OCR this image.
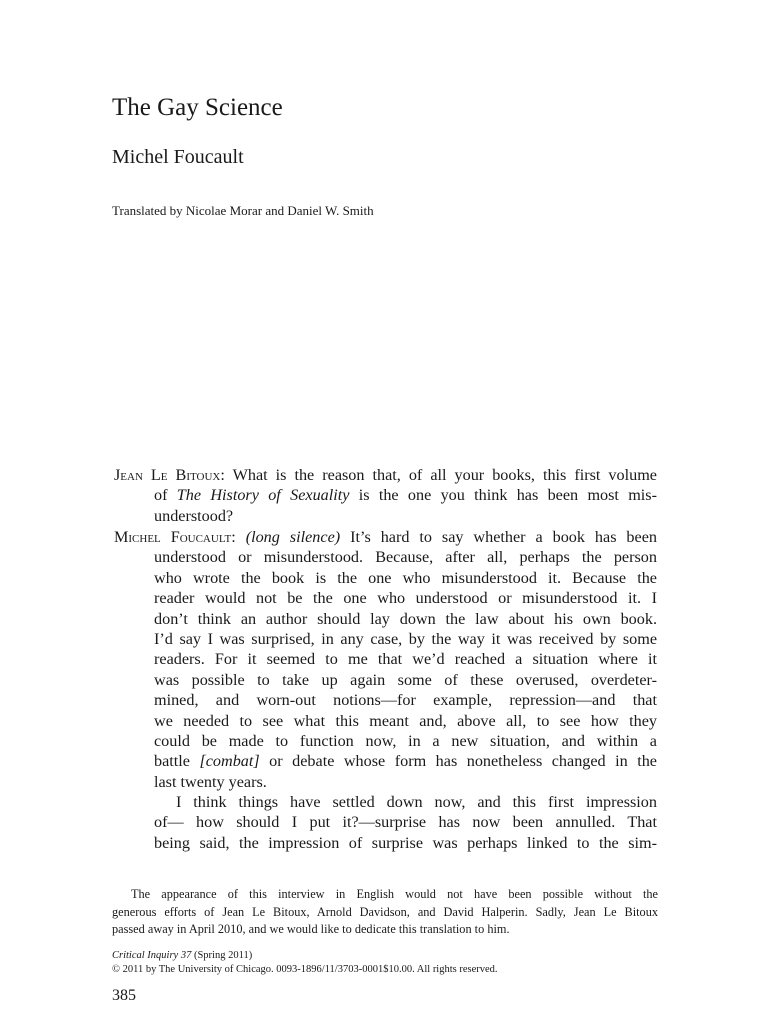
The Gay Science
Michel Foucault
Translated by Nicolae Morar and Daniel W. Smith
Jean Le Bitoux: What is the reason that, of all your books, this first volume
of The History of Sexuality is the one you think has been most mis-
understood?
Michel Foucault: (long silence) It’s hard to say whether a book has been
understood or misunderstood. Because, after all, perhaps the person
who wrote the book is the one who misunderstood it. Because the
reader would not be the one who understood or misunderstood it. I
don’t think an author should lay down the law about his own book.
I’d say I was surprised, in any case, by the way it was received by some
readers. For it seemed to me that we’d reached a situation where it
was possible to take up again some of these overused, overdeter-
mined, and worn-out notions—for example, repression—and that
we needed to see what this meant and, above all, to see how they
could be made to function now, in a new situation, and within a
battle [combat] or debate whose form has nonetheless changed in the
last twenty years.
I think things have settled down now, and this first impression
of— how should I put it?—surprise has now been annulled. That
being said, the impression of surprise was perhaps linked to the sim-
The appearance of this interview in English would not have been possible without the
generous efforts of Jean Le Bitoux, Arnold Davidson, and David Halperin. Sadly, Jean Le Bitoux
passed away in April 2010, and we would like to dedicate this translation to him.
Critical Inquiry 37 (Spring 2011)
© 2011 by The University of Chicago. 0093-1896/11/3703-0001$10.00. All rights reserved.
385
